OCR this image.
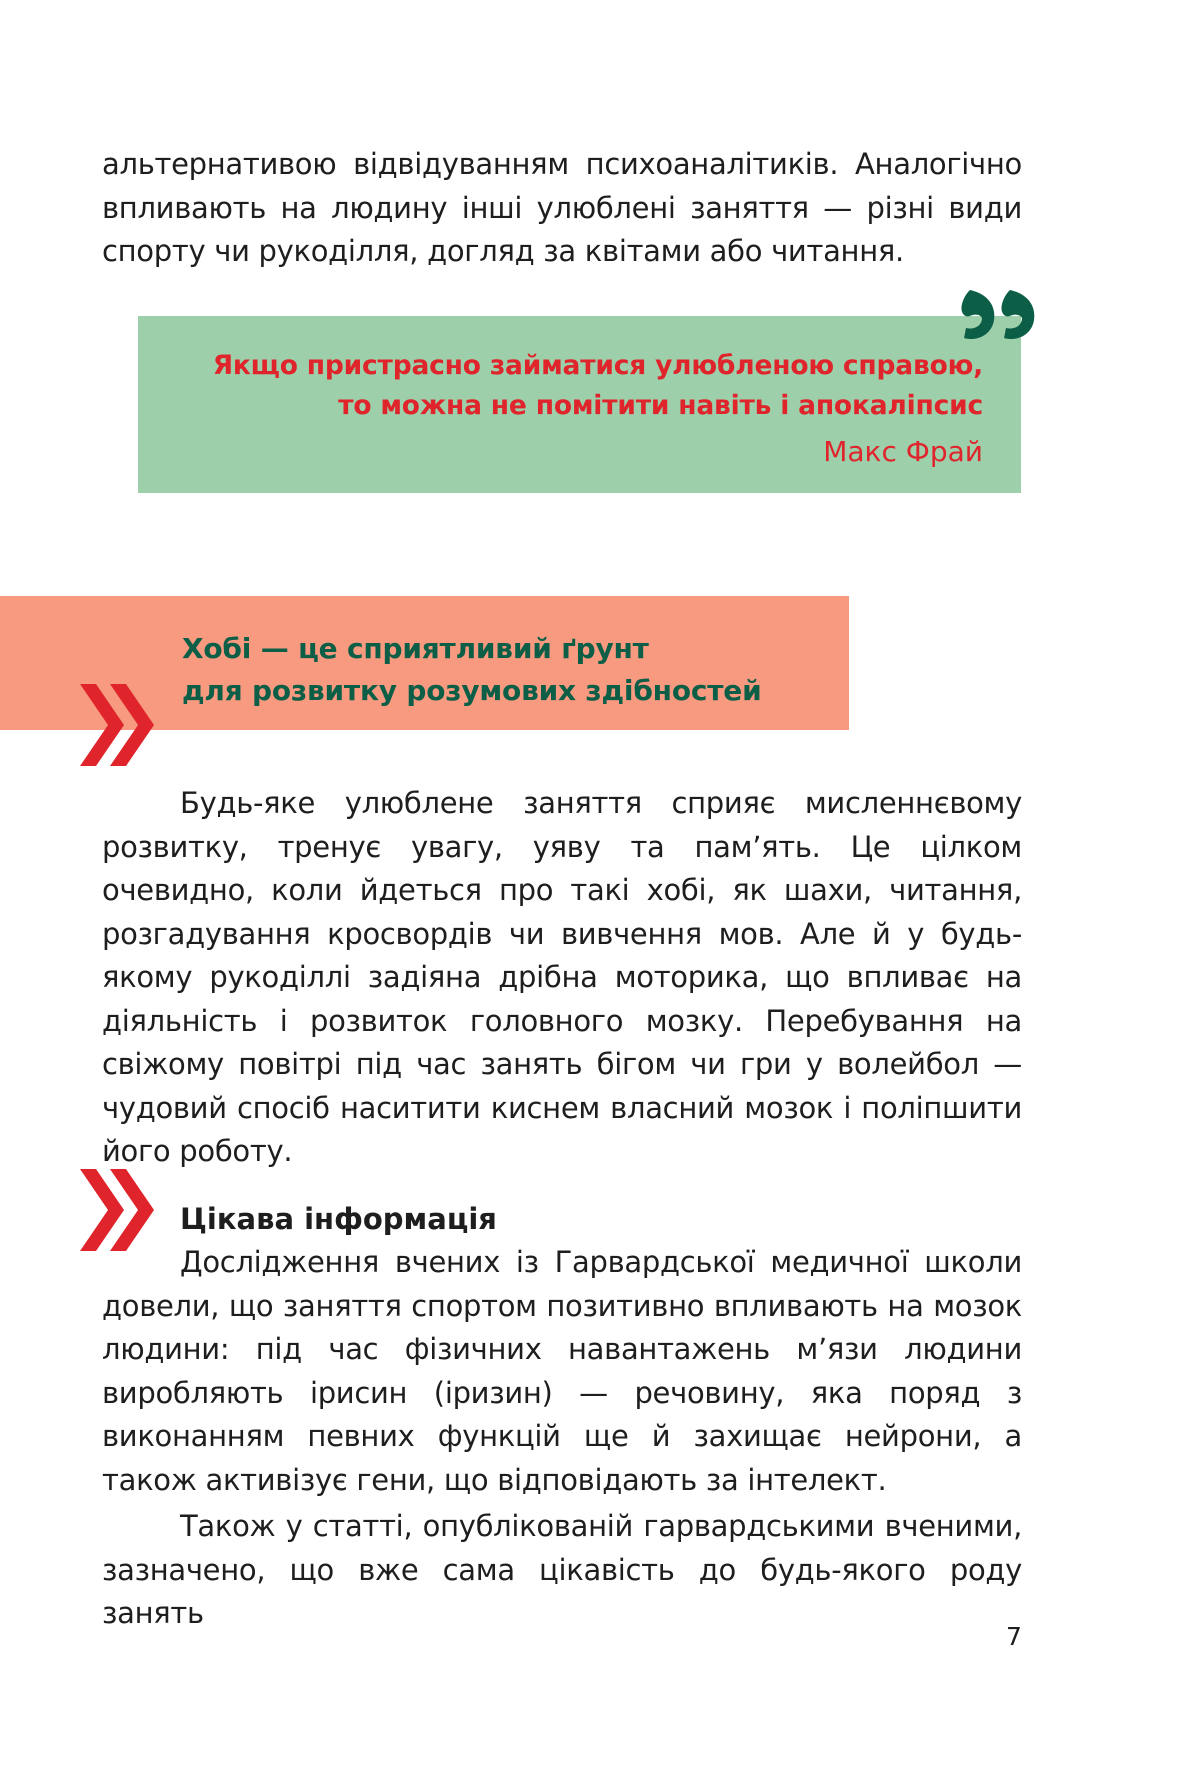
альтернативою відвідуванням психоаналітиків. Аналогічно впливають на людину інші улюблені заняття — різні види спорту чи рукоділля, догляд за квітами або читання.

Якщо пристрасно займатися улюбленою справою,
то можна не помітити навіть і апокаліпсис
Макс Фрай
Хобі — це сприятливий ґрунт
для розвитку розумових здібностей

Будь-яке улюблене заняття сприяє мисленнєвому розвитку, тренує увагу, уяву та пам’ять. Це цілком очевидно, коли йдеться про такі хобі, як шахи, читання, розгадування кросвордів чи вивчення мов. Але й у будь-якому рукоділлі задіяна дрібна моторика, що впливає на діяльність і розвиток головного мозку. Перебування на свіжому повітрі під час занять бігом чи гри у волейбол — чудовий спосіб наситити киснем власний мозок і поліпшити його роботу.

Цікава інформація

Дослідження вчених із Гарвардської медичної школи довели, що заняття спортом позитивно впливають на мозок людини: під час фізичних навантажень м’язи людини виробляють ірисин (іризин) — речовину, яка поряд з виконанням певних функцій ще й захищає нейрони, а також активізує гени, що відповідають за інтелект.

Також у статті, опублікованій гарвардськими вченими, зазначено, що вже сама цікавість до будь-якого роду занять

7
